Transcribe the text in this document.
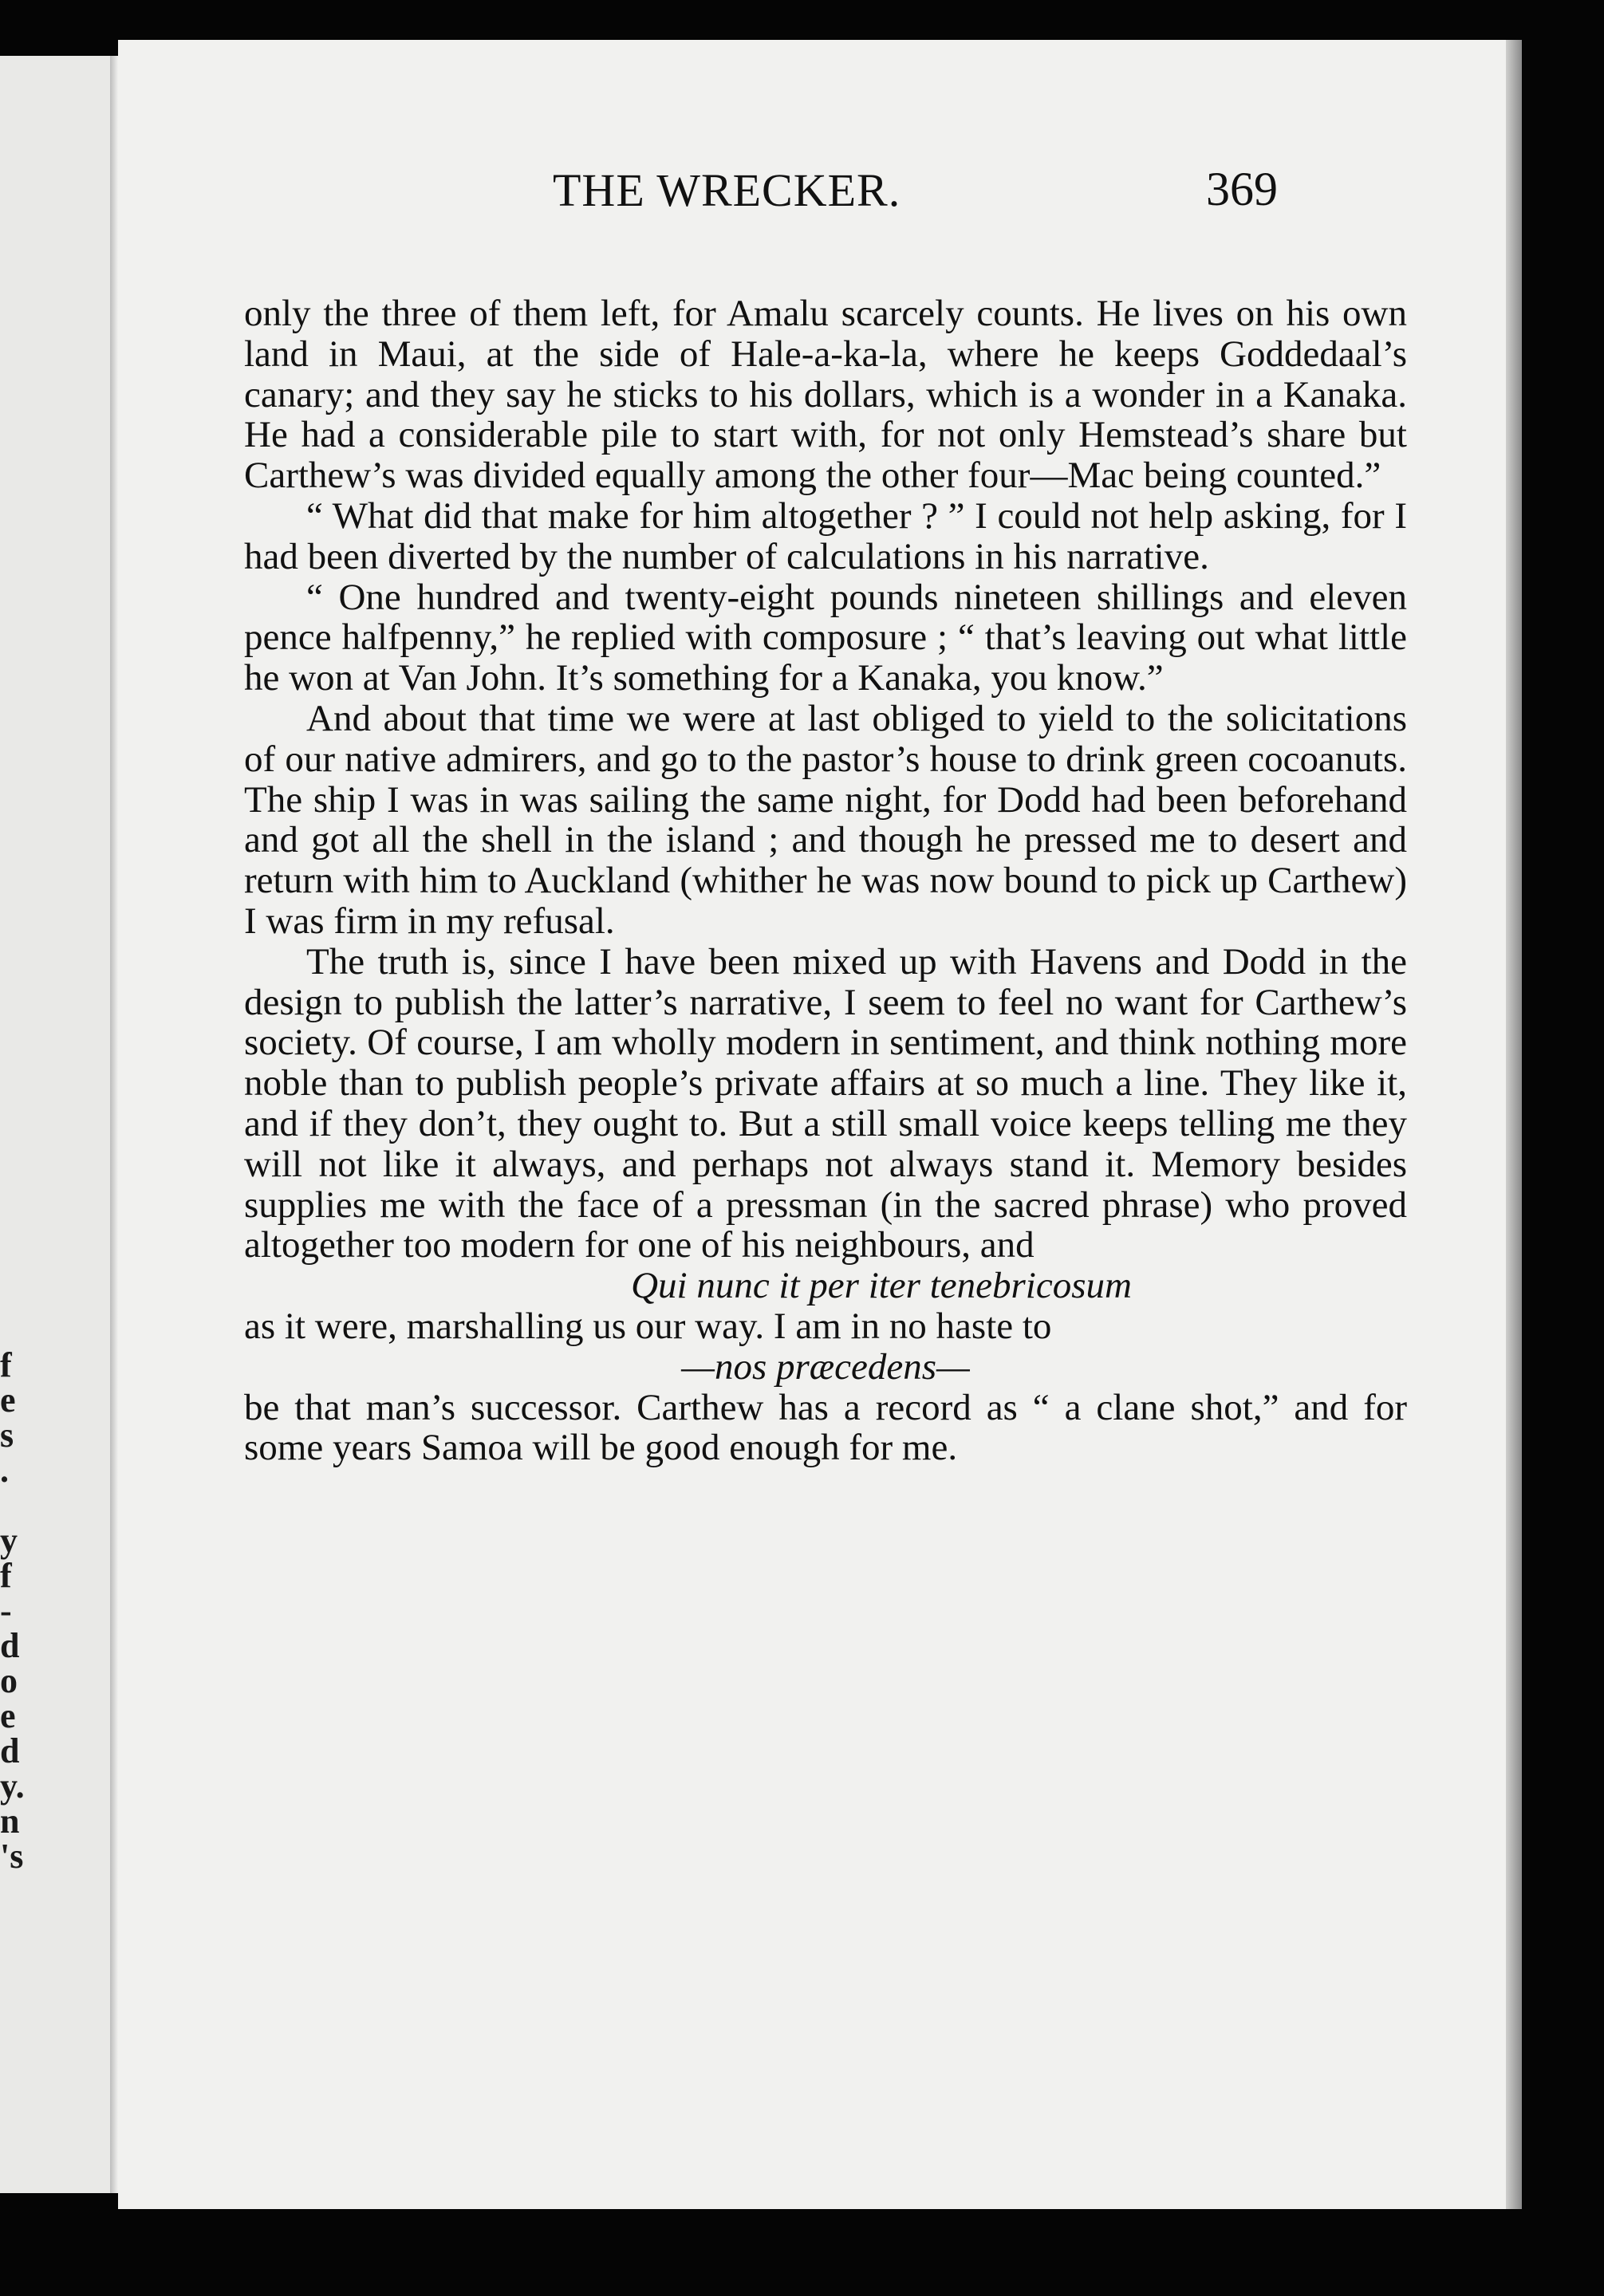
f
e
s
.
y
f
-
d
o
e
d
y.
n
's
THE WRECKER.	369

only the three of them left, for Amalu scarcely counts. He lives on his own land in Maui, at the side of Hale-a-ka-la, where he keeps Goddedaal’s canary; and they say he sticks to his dollars, which is a wonder in a Kanaka. He had a considerable pile to start with, for not only Hemstead’s share but Carthew’s was divided equally among the other four—Mac being counted.”

“ What did that make for him altogether ? ” I could not help asking, for I had been diverted by the number of calculations in his narrative.

“ One hundred and twenty-eight pounds nineteen shillings and eleven pence halfpenny,” he replied with composure ; “ that’s leaving out what little he won at Van John. It’s something for a Kanaka, you know.”

And about that time we were at last obliged to yield to the solicitations of our native admirers, and go to the pastor’s house to drink green cocoanuts. The ship I was in was sailing the same night, for Dodd had been beforehand and got all the shell in the island ; and though he pressed me to desert and return with him to Auckland (whither he was now bound to pick up Carthew) I was firm in my refusal.

The truth is, since I have been mixed up with Havens and Dodd in the design to publish the latter’s narrative, I seem to feel no want for Carthew’s society. Of course, I am wholly modern in sentiment, and think nothing more noble than to publish people’s private affairs at so much a line. They like it, and if they don’t, they ought to. But a still small voice keeps telling me they will not like it always, and perhaps not always stand it. Memory besides supplies me with the face of a pressman (in the sacred phrase) who proved altogether too modern for one of his neighbours, and

Qui nunc it per iter tenebricosum

as it were, marshalling us our way. I am in no haste to

—nos præcedens—

be that man’s successor. Carthew has a record as “ a clane shot,” and for some years Samoa will be good enough for me.
